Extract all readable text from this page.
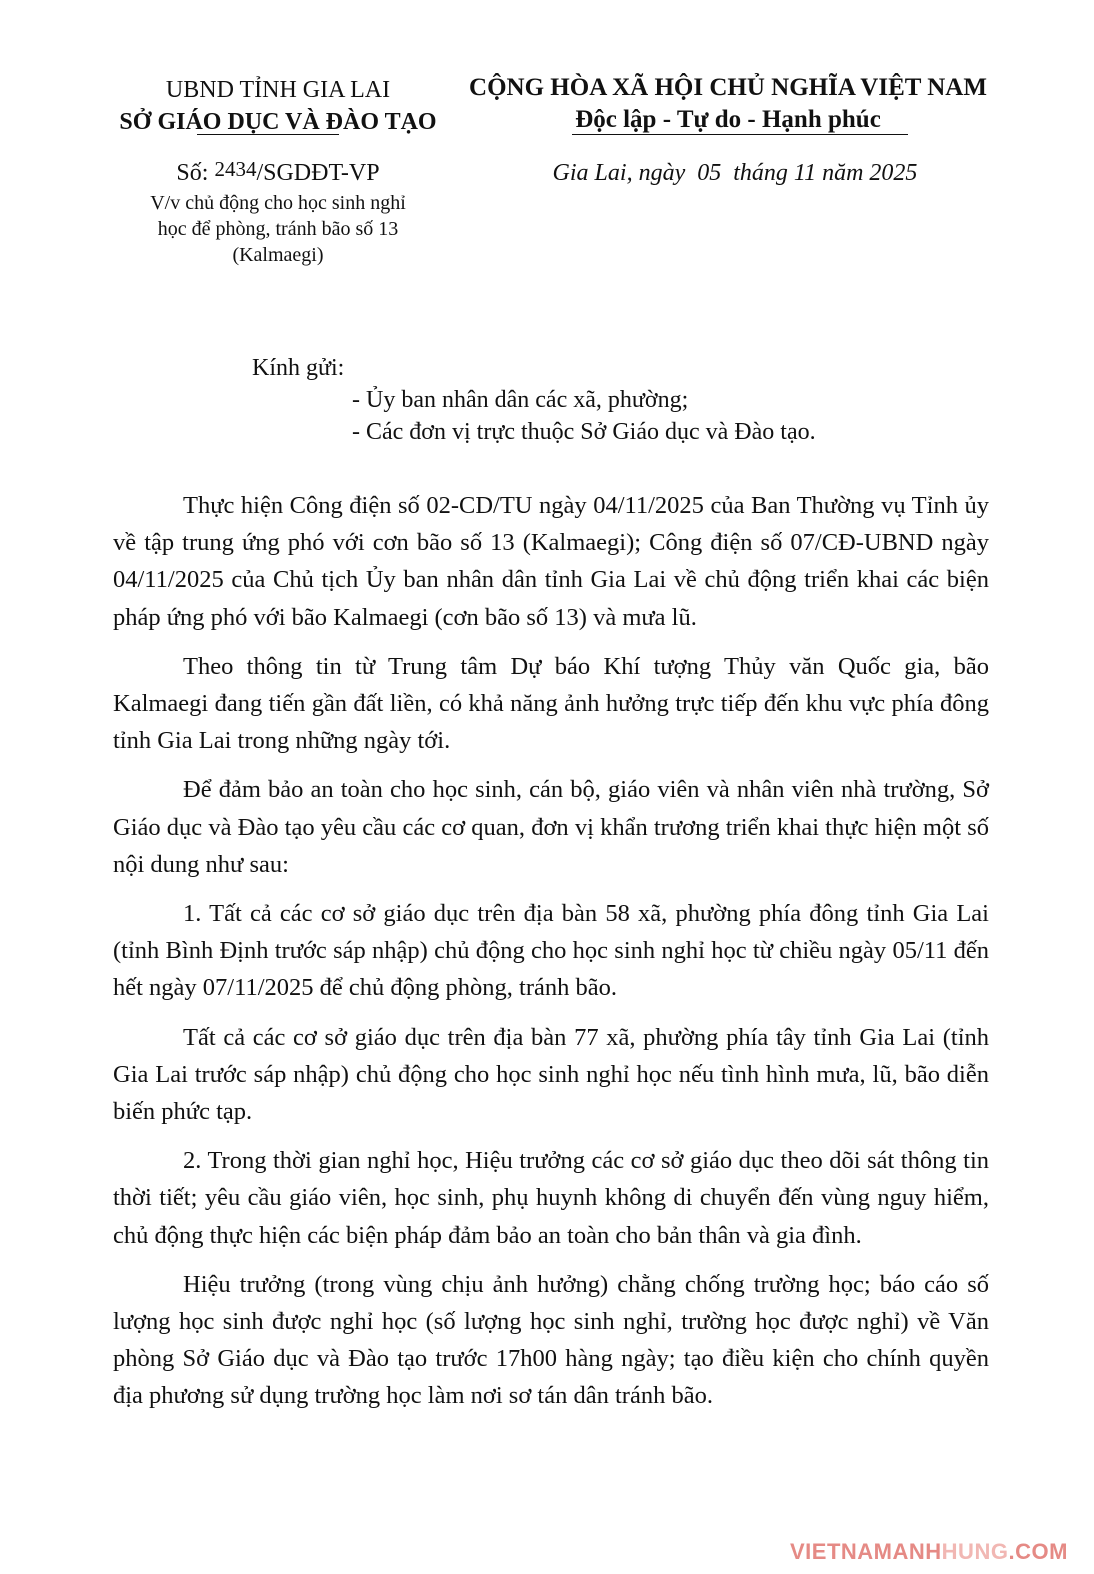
UBND TỈNH GIA LAI
SỞ GIÁO DỤC VÀ ĐÀO TẠO
CỘNG HÒA XÃ HỘI CHỦ NGHĨA VIỆT NAM
Độc lập - Tự do - Hạnh phúc
Số: 2434/SGDĐT-VP
V/v chủ động cho học sinh nghỉ
học để phòng, tránh bão số 13
(Kalmaegi)
Gia Lai, ngày  05  tháng 11 năm 2025
Kính gửi:
- Ủy ban nhân dân các xã, phường;
- Các đơn vị trực thuộc Sở Giáo dục và Đào tạo.

Thực hiện Công điện số 02-CD/TU ngày 04/11/2025 của Ban Thường vụ Tỉnh ủy về tập trung ứng phó với cơn bão số 13 (Kalmaegi); Công điện số 07/CĐ-UBND ngày 04/11/2025 của Chủ tịch Ủy ban nhân dân tỉnh Gia Lai về chủ động triển khai các biện pháp ứng phó với bão Kalmaegi (cơn bão số 13) và mưa lũ.

Theo thông tin từ Trung tâm Dự báo Khí tượng Thủy văn Quốc gia, bão Kalmaegi đang tiến gần đất liền, có khả năng ảnh hưởng trực tiếp đến khu vực phía đông tỉnh Gia Lai trong những ngày tới.

Để đảm bảo an toàn cho học sinh, cán bộ, giáo viên và nhân viên nhà trường, Sở Giáo dục và Đào tạo yêu cầu các cơ quan, đơn vị khẩn trương triển khai thực hiện một số nội dung như sau:

1. Tất cả các cơ sở giáo dục trên địa bàn 58 xã, phường phía đông tỉnh Gia Lai (tỉnh Bình Định trước sáp nhập) chủ động cho học sinh nghỉ học từ chiều ngày 05/11 đến hết ngày 07/11/2025 để chủ động phòng, tránh bão.

Tất cả các cơ sở giáo dục trên địa bàn 77 xã, phường phía tây tỉnh Gia Lai (tỉnh Gia Lai trước sáp nhập) chủ động cho học sinh nghỉ học nếu tình hình mưa, lũ, bão diễn biến phức tạp.

2. Trong thời gian nghỉ học, Hiệu trưởng các cơ sở giáo dục theo dõi sát thông tin thời tiết; yêu cầu giáo viên, học sinh, phụ huynh không di chuyển đến vùng nguy hiểm, chủ động thực hiện các biện pháp đảm bảo an toàn cho bản thân và gia đình.

Hiệu trưởng (trong vùng chịu ảnh hưởng) chằng chống trường học; báo cáo số lượng học sinh được nghỉ học (số lượng học sinh nghỉ, trường học được nghỉ) về Văn phòng Sở Giáo dục và Đào tạo trước 17h00 hàng ngày; tạo điều kiện cho chính quyền địa phương sử dụng trường học làm nơi sơ tán dân tránh bão.

VIETNAMANHHUNG.COM
